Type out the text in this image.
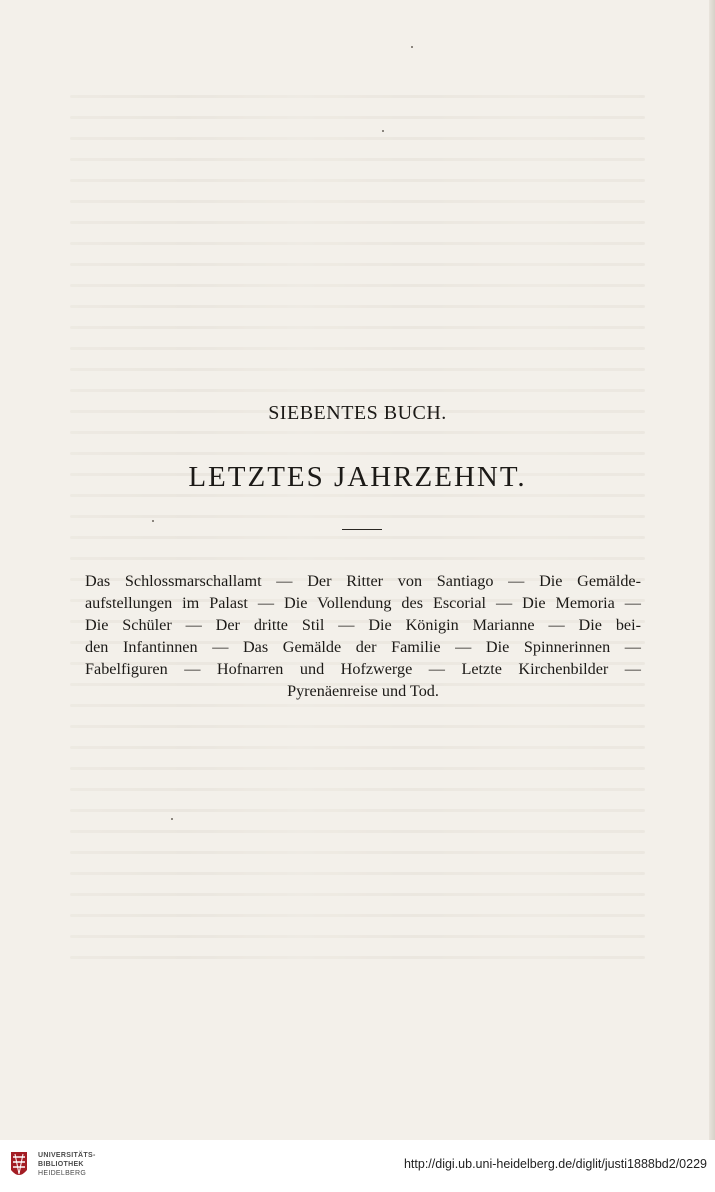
SIEBENTES BUCH.
LETZTES JAHRZEHNT.
Das Schlossmarschallamt — Der Ritter von Santiago — Die Gemälde-
aufstellungen im Palast — Die Vollendung des Escorial — Die Memoria —
Die Schüler — Der dritte Stil — Die Königin Marianne — Die bei-
den Infantinnen — Das Gemälde der Familie — Die Spinnerinnen —
Fabelfiguren — Hofnarren und Hofzwerge — Letzte Kirchenbilder —
Pyrenäenreise und Tod.
UNIVERSITÄTS-
BIBLIOTHEK
HEIDELBERG
http://digi.ub.uni-heidelberg.de/diglit/justi1888bd2/0229
